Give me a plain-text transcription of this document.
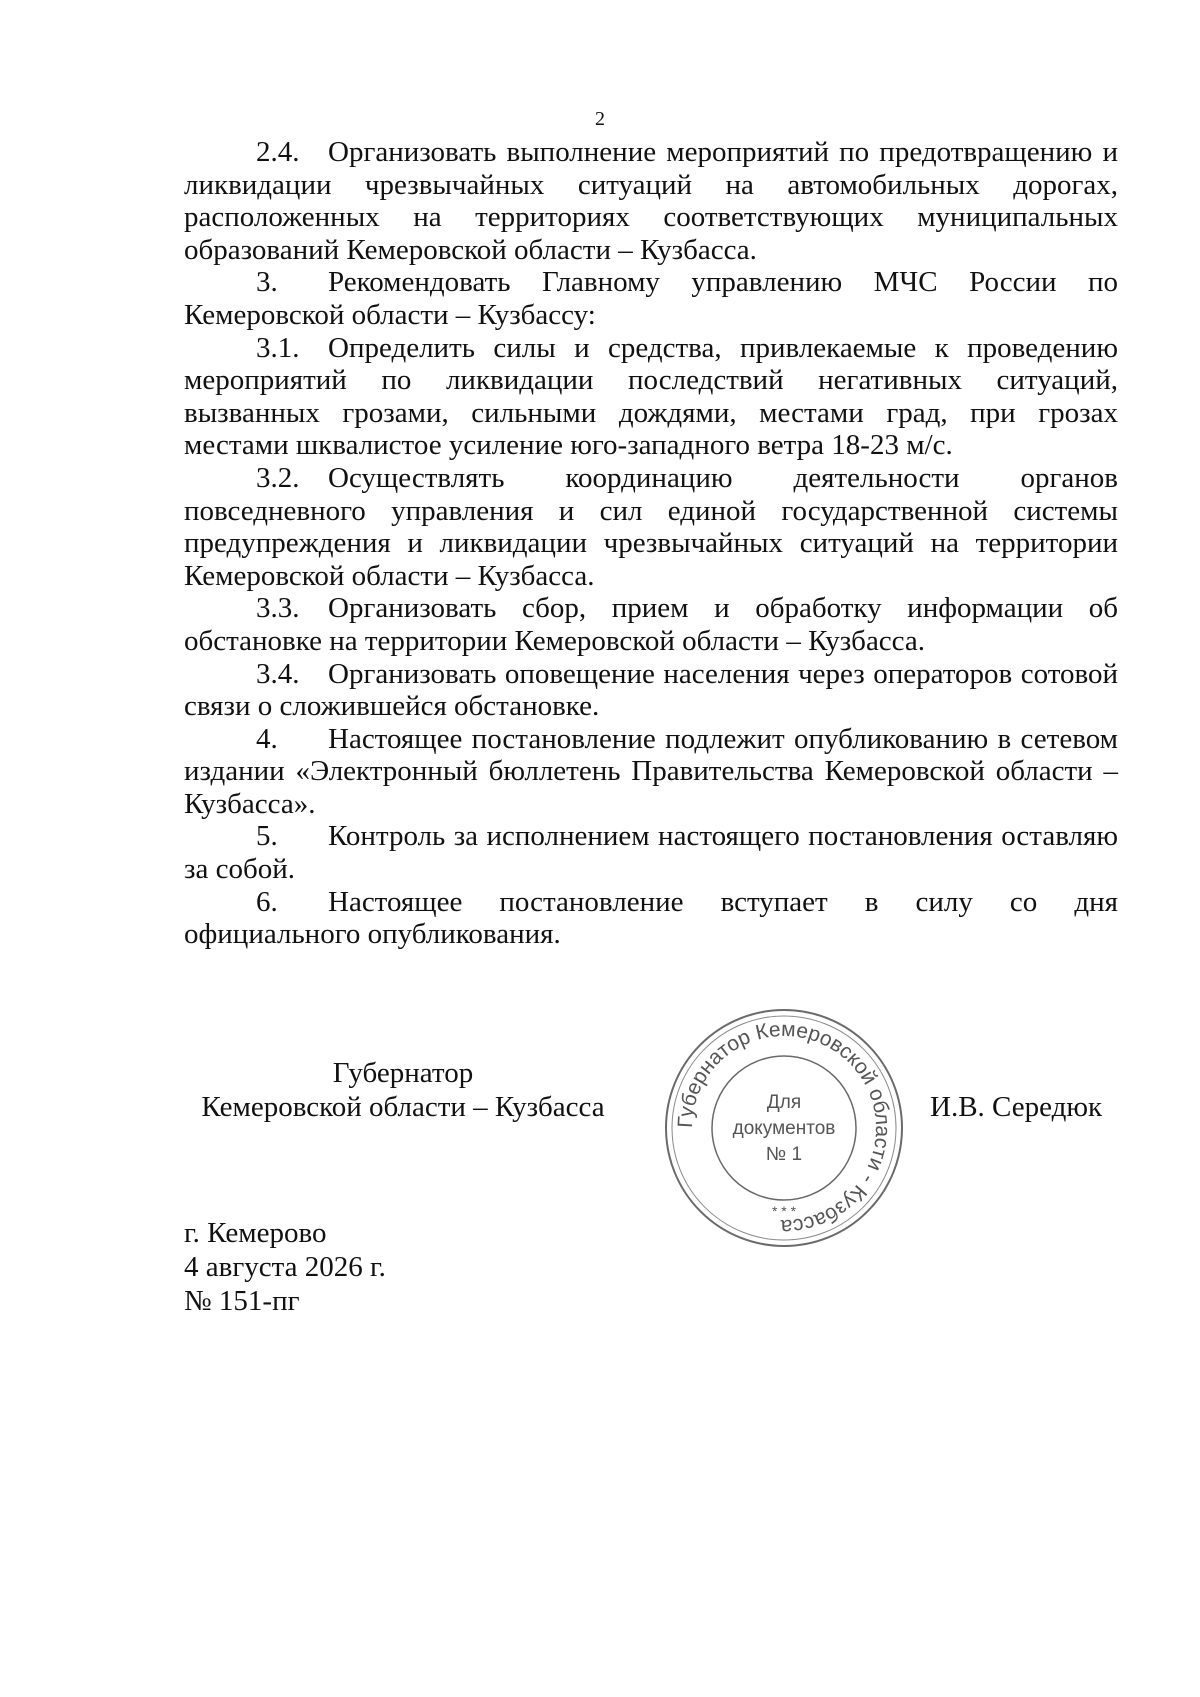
2

2.4. Организовать выполнение мероприятий по предотвращению и ликвидации чрезвычайных ситуаций на автомобильных дорогах, расположенных на территориях соответствующих муниципальных образований Кемеровской области – Кузбасса.

3. Рекомендовать Главному управлению МЧС России по Кемеровской области – Кузбассу:

3.1. Определить силы и средства, привлекаемые к проведению мероприятий по ликвидации последствий негативных ситуаций, вызванных грозами, сильными дождями, местами град, при грозах местами шквалистое усиление юго-западного ветра 18-23 м/с.

3.2. Осуществлять координацию деятельности органов повседневного управления и сил единой государственной системы предупреждения и ликвидации чрезвычайных ситуаций на территории Кемеровской области – Кузбасса.

3.3. Организовать сбор, прием и обработку информации об обстановке на территории Кемеровской области – Кузбасса.

3.4. Организовать оповещение населения через операторов сотовой связи о сложившейся обстановке.

4. Настоящее постановление подлежит опубликованию в сетевом издании «Электронный бюллетень Правительства Кемеровской области – Кузбасса».

5. Контроль за исполнением настоящего постановления оставляю за собой.

6. Настоящее постановление вступает в силу со дня официального опубликования.

Губернатор
Кемеровской области – Кузбасса	Губернатор Кемеровской области - Кузбасса
Для
документов
№ 1
* * *
И.В. Середюк
г. Кемерово
4 августа 2026 г.
№ 151-пг
